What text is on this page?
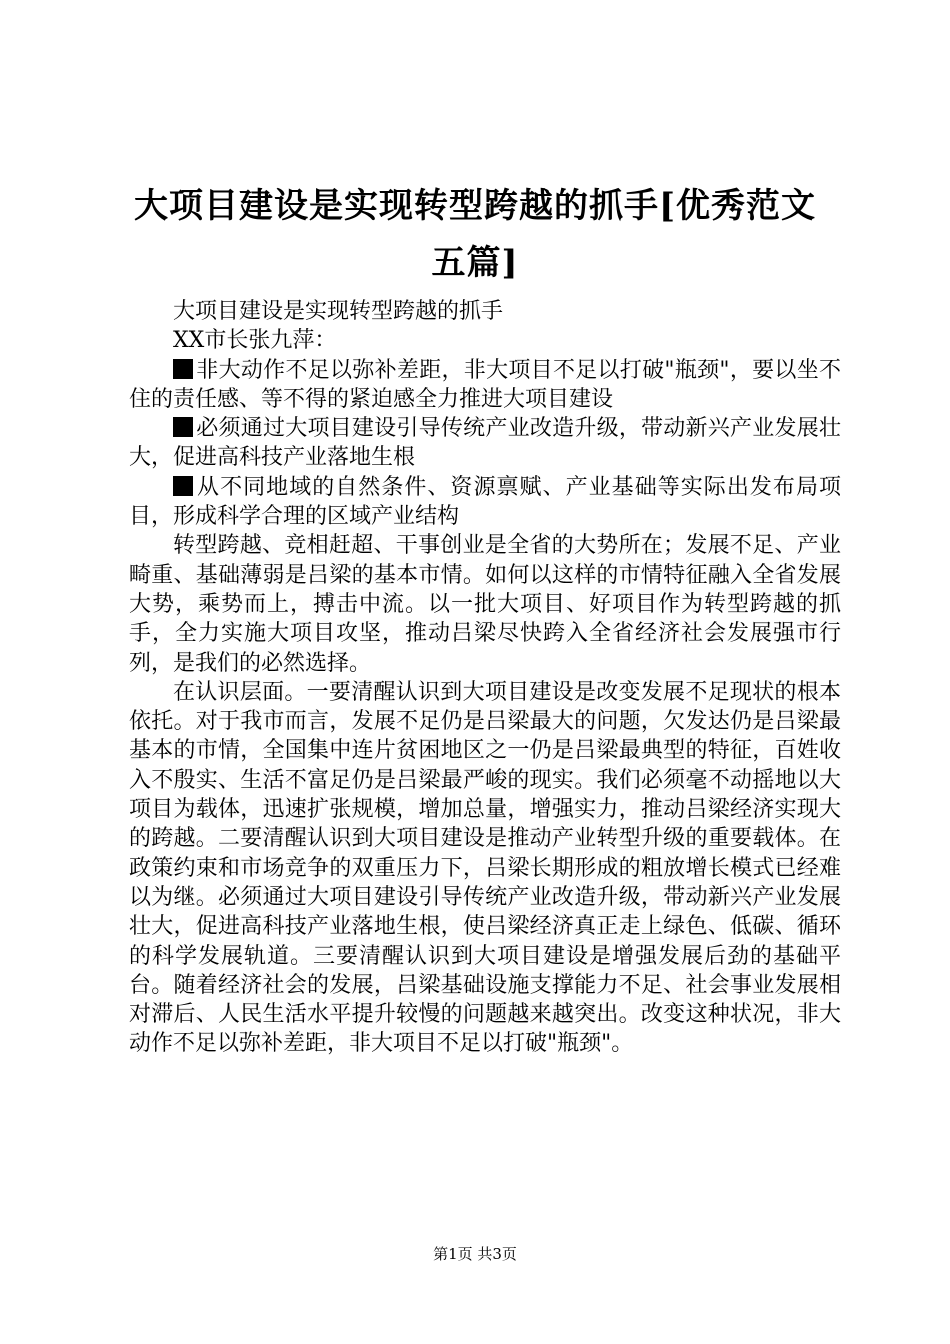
大项目建设是实现转型跨越的抓手[优秀范文五篇]

大项目建设是实现转型跨越的抓手

XX市长张九萍：

非大动作不足以弥补差距，非大项目不足以打破"瓶颈"，要以坐不住的责任感、等不得的紧迫感全力推进大项目建设

必须通过大项目建设引导传统产业改造升级，带动新兴产业发展壮大，促进高科技产业落地生根

从不同地域的自然条件、资源禀赋、产业基础等实际出发布局项目，形成科学合理的区域产业结构

转型跨越、竞相赶超、干事创业是全省的大势所在；发展不足、产业畸重、基础薄弱是吕梁的基本市情。如何以这样的市情特征融入全省发展大势，乘势而上，搏击中流。以一批大项目、好项目作为转型跨越的抓手，全力实施大项目攻坚，推动吕梁尽快跨入全省经济社会发展强市行列，是我们的必然选择。

在认识层面。一要清醒认识到大项目建设是改变发展不足现状的根本依托。对于我市而言，发展不足仍是吕梁最大的问题，欠发达仍是吕梁最基本的市情，全国集中连片贫困地区之一仍是吕梁最典型的特征，百姓收入不殷实、生活不富足仍是吕梁最严峻的现实。我们必须毫不动摇地以大项目为载体，迅速扩张规模，增加总量，增强实力，推动吕梁经济实现大的跨越。二要清醒认识到大项目建设是推动产业转型升级的重要载体。在政策约束和市场竞争的双重压力下，吕梁长期形成的粗放增长模式已经难以为继。必须通过大项目建设引导传统产业改造升级，带动新兴产业发展壮大，促进高科技产业落地生根，使吕梁经济真正走上绿色、低碳、循环的科学发展轨道。三要清醒认识到大项目建设是增强发展后劲的基础平台。随着经济社会的发展，吕梁基础设施支撑能力不足、社会事业发展相对滞后、人民生活水平提升较慢的问题越来越突出。改变这种状况，非大动作不足以弥补差距，非大项目不足以打破"瓶颈"。

第1页 共3页
